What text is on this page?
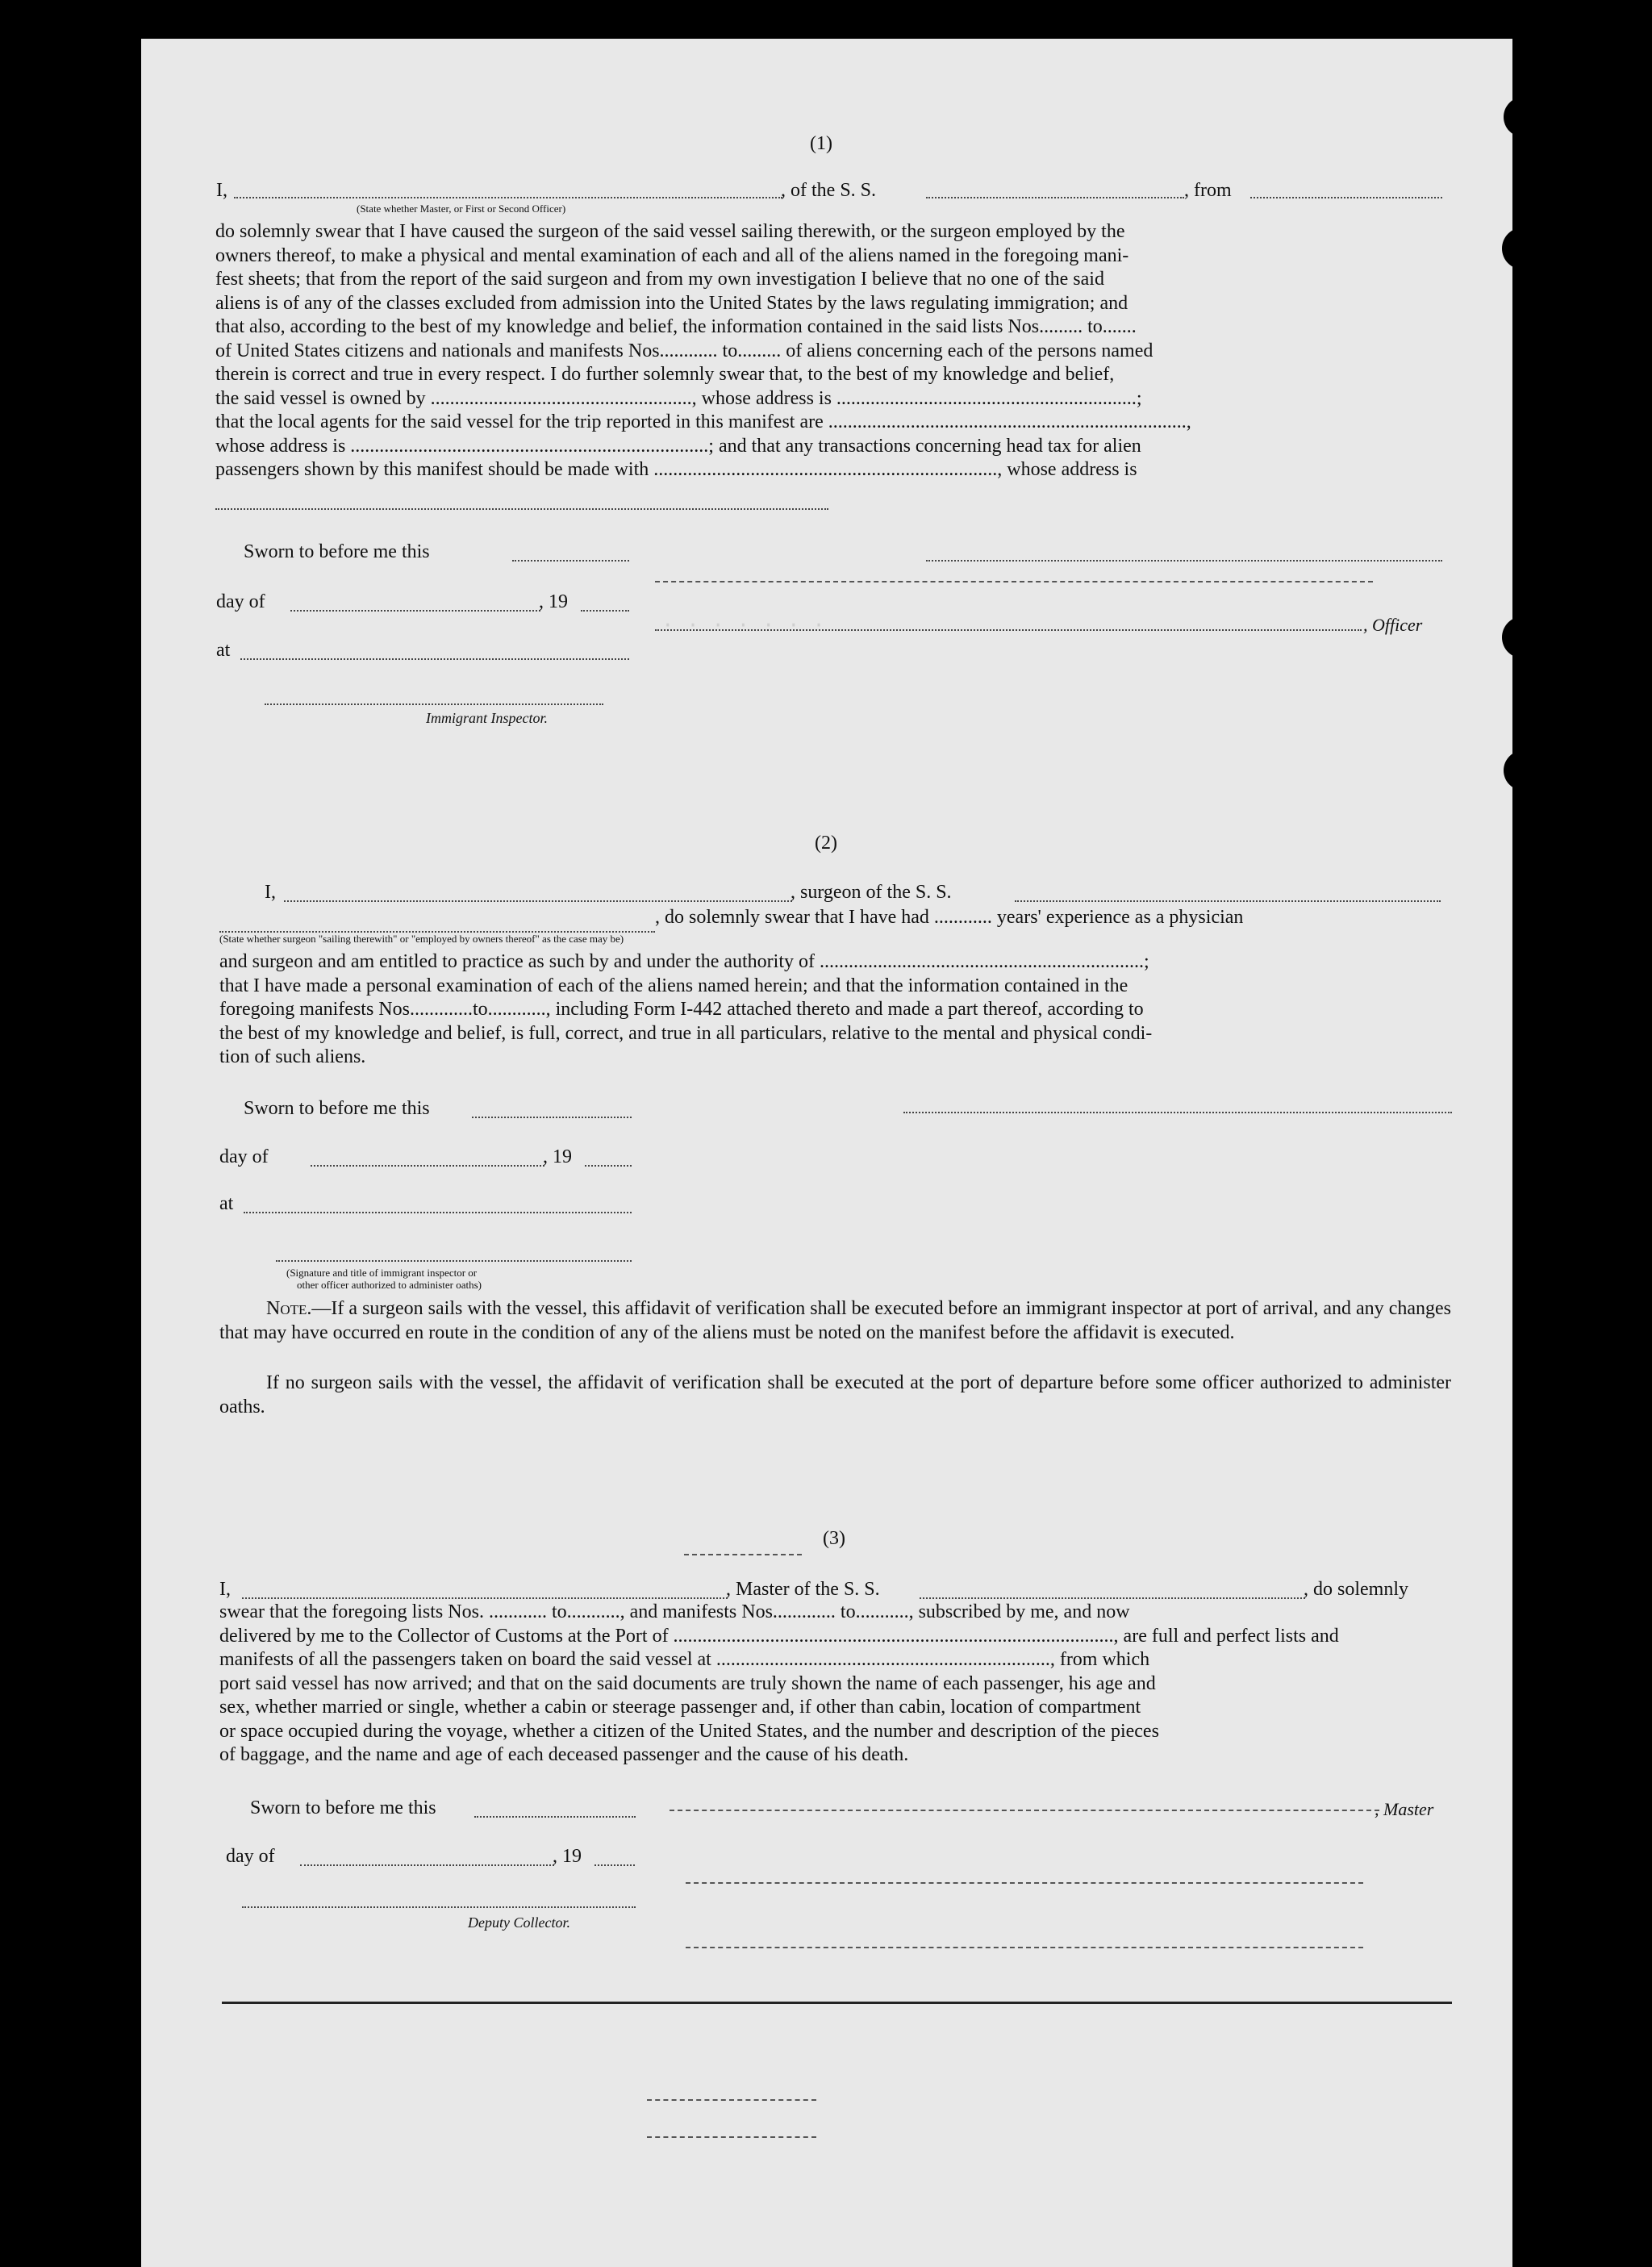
· · · · · · ·
(1)
I,	, of the S. S.	, from
(State whether Master, or First or Second Officer)
do solemnly swear that I have caused the surgeon of the said vessel sailing therewith, or the surgeon employed by the
owners thereof, to make a physical and mental examination of each and all of the aliens named in the foregoing mani-
fest sheets; that from the report of the said surgeon and from my own investigation I believe that no one of the said
aliens is of any of the classes excluded from admission into the United States by the laws regulating immigration; and
that also, according to the best of my knowledge and belief, the information contained in the said lists Nos......... to.......
of United States citizens and nationals and manifests Nos............ to......... of aliens concerning each of the persons named
therein is correct and true in every respect. I do further solemnly swear that, to the best of my knowledge and belief,
the said vessel is owned by ......................................................, whose address is ..............................................................;
that the local agents for the said vessel for the trip reported in this manifest are ..........................................................................,
whose address is ..........................................................................; and that any transactions concerning head tax for alien
passengers shown by this manifest should be made with ......................................................................., whose address is
Sworn to before me this
day of	, 19
, Officer
at
Immigrant Inspector.
(2)
I,	, surgeon of the S. S.
, do solemnly swear that I have had ............ years' experience as a physician
(State whether surgeon "sailing therewith" or "employed by owners thereof" as the case may be)
and surgeon and am entitled to practice as such by and under the authority of ...................................................................;
that I have made a personal examination of each of the aliens named herein; and that the information contained in the
foregoing manifests Nos.............to............, including Form I-442 attached thereto and made a part thereof, according to
the best of my knowledge and belief, is full, correct, and true in all particulars, relative to the mental and physical condi-
tion of such aliens.
Sworn to before me this
day of	, 19
at
(Signature and title of immigrant inspector or
other officer authorized to administer oaths)
Note.—If a surgeon sails with the vessel, this affidavit of verification shall be executed before an immigrant inspector at port of arrival, and any changes that may have occurred en route in the condition of any of the aliens must be noted on the manifest before the affidavit is executed.
If no surgeon sails with the vessel, the affidavit of verification shall be executed at the port of departure before some officer authorized to administer oaths.
(3)
I,	, Master of the S. S.	, do solemnly
swear that the foregoing lists Nos. ............ to..........., and manifests Nos............. to..........., subscribed by me, and now
delivered by me to the Collector of Customs at the Port of ..........................................................................................., are full and perfect lists and
manifests of all the passengers taken on board the said vessel at ....................................................................., from which
port said vessel has now arrived; and that on the said documents are truly shown the name of each passenger, his age and
sex, whether married or single, whether a cabin or steerage passenger and, if other than cabin, location of compartment
or space occupied during the voyage, whether a citizen of the United States, and the number and description of the pieces
of baggage, and the name and age of each deceased passenger and the cause of his death.
Sworn to before me this	, Master
day of	, 19
Deputy Collector.
